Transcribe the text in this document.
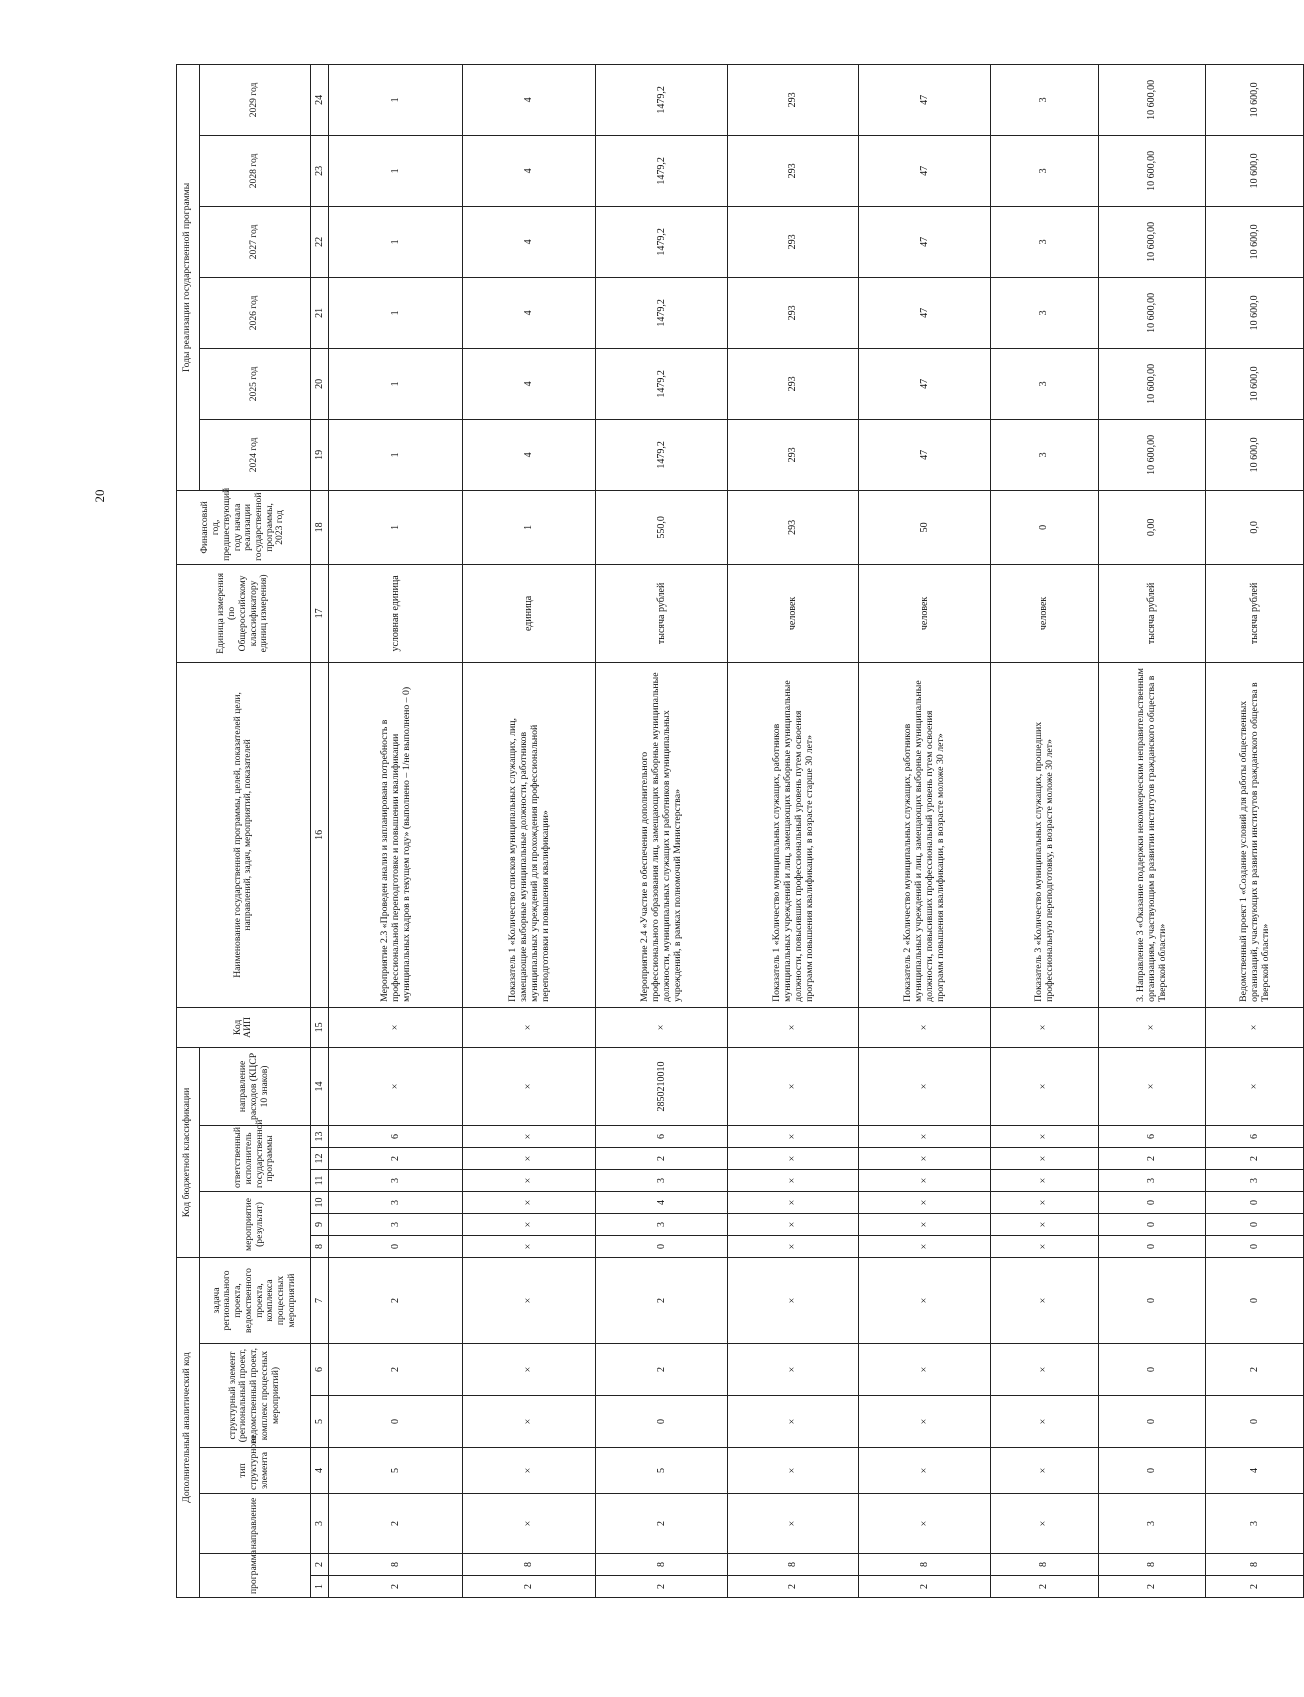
20
Дополнительный аналитический код							Код бюджетной классификации							Код АИП	Наименование государственной программы, целей, показателей цели, направлений, задач, мероприятий, показателей	Единица измерения (по Общероссийскому классификатору единиц измерения)	Финансовый год, предшествующий году начала реализации государственной программы, 2023 год	Годы реализации государственной программы					
программа		направление	тип структурного элемента	структурный элемент (региональный проект, ведомственный проект, комплекс процессных мероприятий)		задача регионального проекта, ведомственного проекта, комплекса процессных мероприятий	мероприятие (результат)			ответственный исполнитель государственной программы			направление расходов (КЦСР 10 знаков)					2024 год	2025 год	2026 год	2027 год	2028 год	2029 год
1	2	3	4	5	6	7	8	9	10	11	12	13	14	15	16	17	18	19	20	21	22	23	24
2	8	2	5	0	2	2	0	3	3	3	2	6	×	×	Мероприятие 2.3 «Проведен анализ и запланирована потребность в профессиональной переподготовке и повышении квалификации муниципальных кадров в текущем году» (выполнено – 1/не выполнено – 0)	условная единица	1	1	1	1	1	1	1
2	8	×	×	×	×	×	×	×	×	×	×	×	×	×	Показатель 1 «Количество списков муниципальных служащих, лиц, замещающие выборные муниципальные должности, работников муниципальных учреждений для прохождения профессиональной переподготовки и повышения квалификации»	единица	1	4	4	4	4	4	4
2	8	2	5	0	2	2	0	3	4	3	2	6	2850210010	×	Мероприятие 2.4 «Участие в обеспечении дополнительного профессионального образования лиц, замещающих выборные муниципальные должности, муниципальных служащих и работников муниципальных учреждений, в рамках полномочий Министерства»	тысяча рублей	550,0	1479,2	1479,2	1479,2	1479,2	1479,2	1479,2
2	8	×	×	×	×	×	×	×	×	×	×	×	×	×	Показатель 1 «Количество муниципальных служащих, работников муниципальных учреждений и лиц, замещающих выборные муниципальные должности, повысивших профессиональный уровень путем освоения программ повышения квалификации, в возрасте старше 30 лет»	человек	293	293	293	293	293	293	293
2	8	×	×	×	×	×	×	×	×	×	×	×	×	×	Показатель 2 «Количество муниципальных служащих, работников муниципальных учреждений и лиц, замещающих выборные муниципальные должности, повысивших профессиональный уровень путем освоения программ повышения квалификации, в возрасте моложе 30 лет»	человек	50	47	47	47	47	47	47
2	8	×	×	×	×	×	×	×	×	×	×	×	×	×	Показатель 3 «Количество муниципальных служащих, прошедших профессиональную переподготовку, в возрасте моложе 30 лет»	человек	0	3	3	3	3	3	3
2	8	3	0	0	0	0	0	0	0	3	2	6	×	×	3. Направление 3 «Оказание поддержки некоммерческим неправительственным организациям, участвующим в развитии институтов гражданского общества в Тверской области»	тысяча рублей	0,00	10 600,00	10 600,00	10 600,00	10 600,00	10 600,00	10 600,00
2	8	3	4	0	2	0	0	0	0	3	2	6	×	×	Ведомственный проект 1 «Создание условий для работы общественных организаций, участвующих в развитии институтов гражданского общества в Тверской области»	тысяча рублей	0,0	10 600,0	10 600,0	10 600,0	10 600,0	10 600,0	10 600,0
